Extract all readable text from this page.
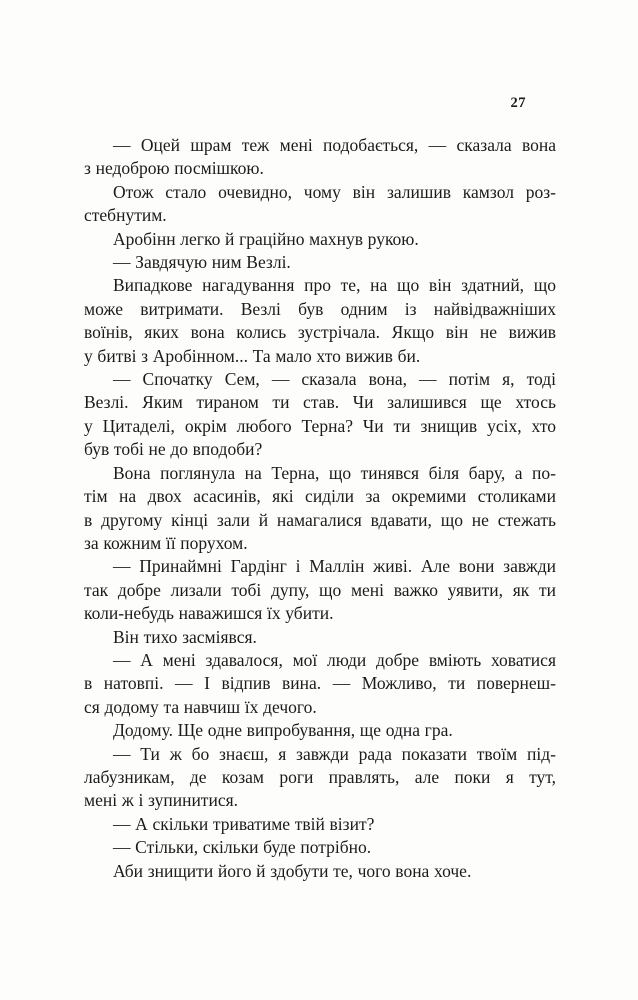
27

— Оцей шрам теж мені подобається, — сказала вона
з недоброю посмішкою.

Отож стало очевидно, чому він залишив камзол роз-
стебнутим.

Аробінн легко й граційно махнув рукою.

— Завдячую ним Везлі.

Випадкове нагадування про те, на що він здатний, що
може витримати. Везлі був одним із найвідважніших
воїнів, яких вона колись зустрічала. Якщо він не вижив
у битві з Аробінном... Та мало хто вижив би.

— Спочатку Сем, — сказала вона, — потім я, тоді
Везлі. Яким тираном ти став. Чи залишився ще хтось
у Цитаделі, окрім любого Терна? Чи ти знищив усіх, хто
був тобі не до вподоби?

Вона поглянула на Терна, що тинявся біля бару, а по-
тім на двох асасинів, які сиділи за окремими столиками
в другому кінці зали й намагалися вдавати, що не стежать
за кожним її порухом.

— Принаймні Гардінг і Маллін живі. Але вони завжди
так добре лизали тобі дупу, що мені важко уявити, як ти
коли-небудь наважишся їх убити.

Він тихо засміявся.

— А мені здавалося, мої люди добре вміють ховатися
в натовпі. — І відпив вина. — Можливо, ти повернеш-
ся додому та навчиш їх дечого.

Додому. Ще одне випробування, ще одна гра.

— Ти ж бо знаєш, я завжди рада показати твоїм під-
лабузникам, де козам роги правлять, але поки я тут,
мені ж і зупинитися.

— А скільки триватиме твій візит?

— Стільки, скільки буде потрібно.

Аби знищити його й здобути те, чого вона хоче.
